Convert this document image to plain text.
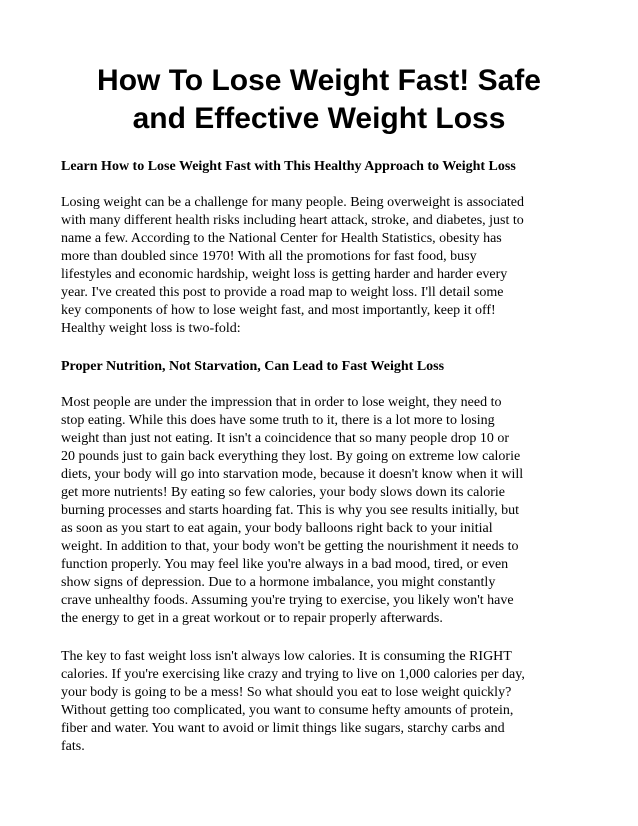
How To Lose Weight Fast! Safe
and Effective Weight Loss
Learn How to Lose Weight Fast with This Healthy Approach to Weight Loss

Losing weight can be a challenge for many people. Being overweight is associated
with many different health risks including heart attack, stroke, and diabetes, just to
name a few. According to the National Center for Health Statistics, obesity has
more than doubled since 1970! With all the promotions for fast food, busy
lifestyles and economic hardship, weight loss is getting harder and harder every
year. I've created this post to provide a road map to weight loss. I'll detail some
key components of how to lose weight fast, and most importantly, keep it off!
Healthy weight loss is two-fold:

Proper Nutrition, Not Starvation, Can Lead to Fast Weight Loss

Most people are under the impression that in order to lose weight, they need to
stop eating. While this does have some truth to it, there is a lot more to losing
weight than just not eating. It isn't a coincidence that so many people drop 10 or
20 pounds just to gain back everything they lost. By going on extreme low calorie
diets, your body will go into starvation mode, because it doesn't know when it will
get more nutrients! By eating so few calories, your body slows down its calorie
burning processes and starts hoarding fat. This is why you see results initially, but
as soon as you start to eat again, your body balloons right back to your initial
weight. In addition to that, your body won't be getting the nourishment it needs to
function properly. You may feel like you're always in a bad mood, tired, or even
show signs of depression. Due to a hormone imbalance, you might constantly
crave unhealthy foods. Assuming you're trying to exercise, you likely won't have
the energy to get in a great workout or to repair properly afterwards.

The key to fast weight loss isn't always low calories. It is consuming the RIGHT
calories. If you're exercising like crazy and trying to live on 1,000 calories per day,
your body is going to be a mess! So what should you eat to lose weight quickly?
Without getting too complicated, you want to consume hefty amounts of protein,
fiber and water. You want to avoid or limit things like sugars, starchy carbs and
fats.
